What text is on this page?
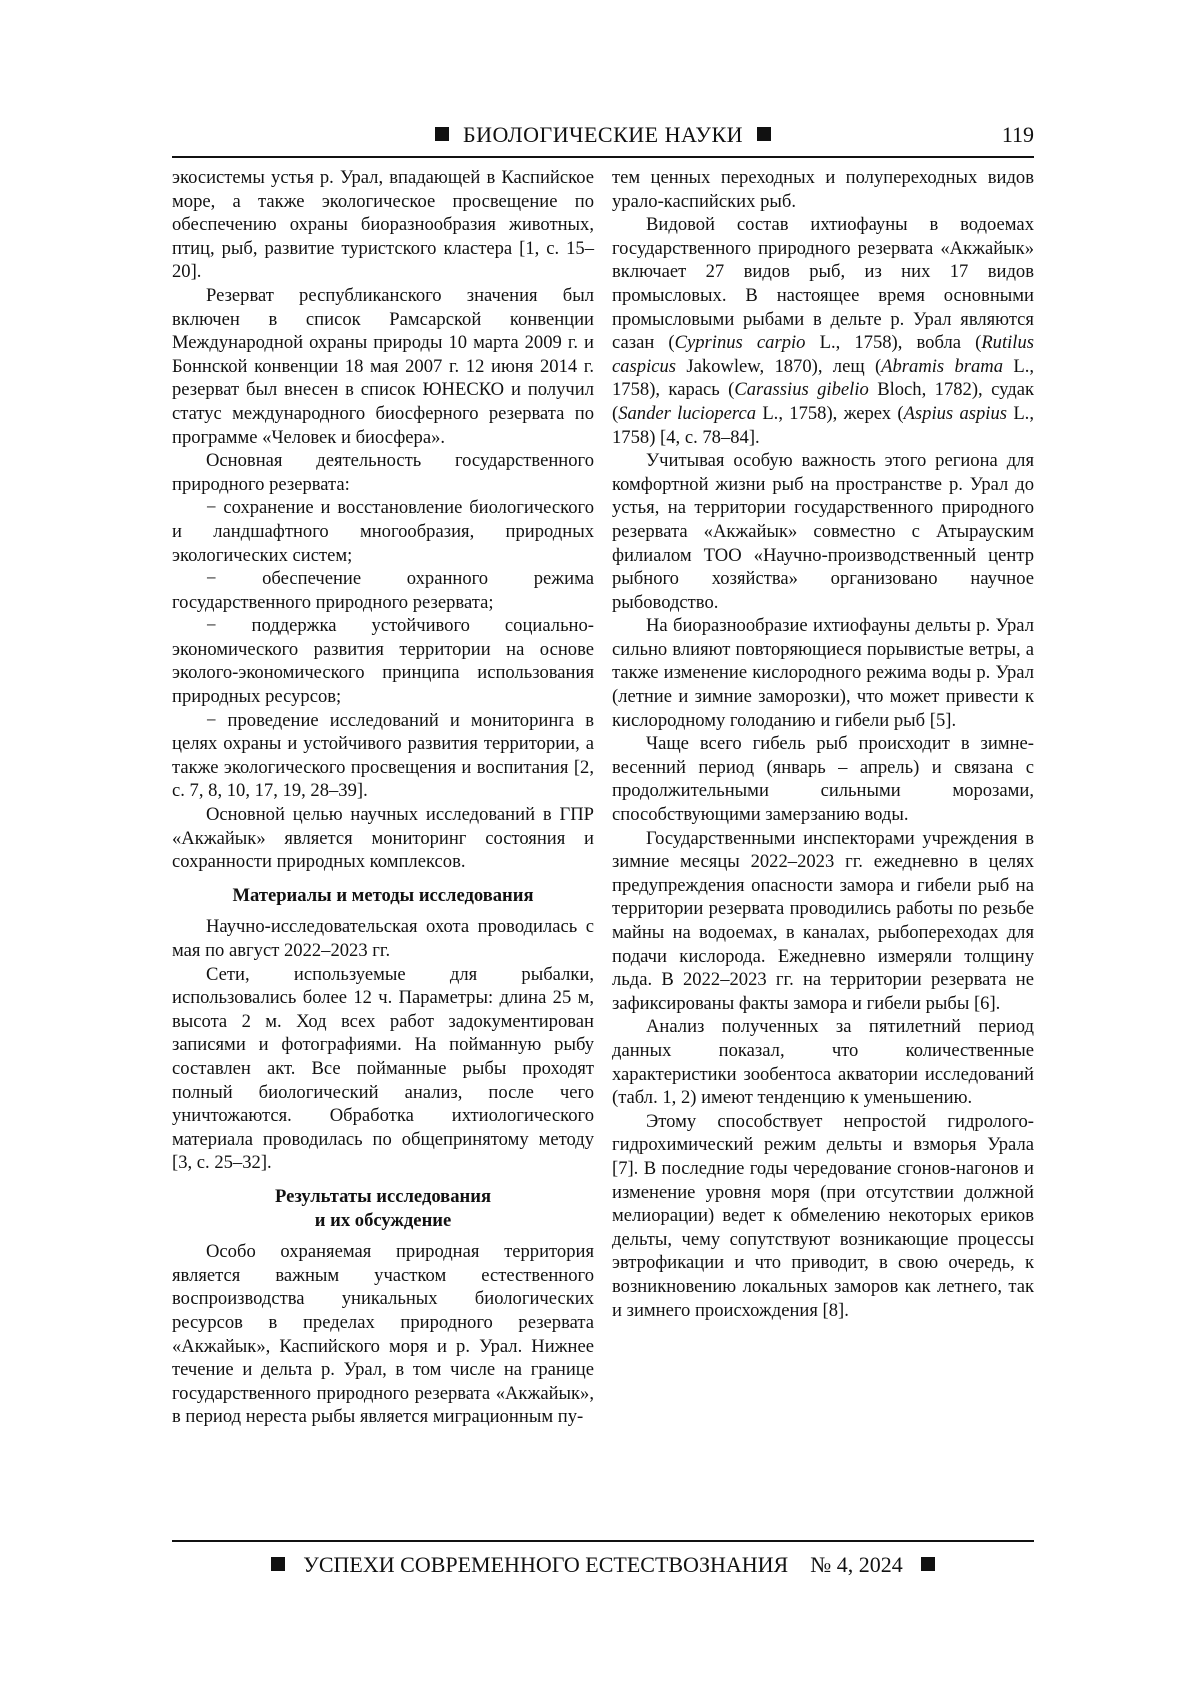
БИОЛОГИЧЕСКИЕ НАУКИ	119

экосистемы устья р. Урал, впадающей в Каспийское море, а также экологическое просвещение по обеспечению охраны биоразнообразия животных, птиц, рыб, развитие туристского кластера [1, с. 15–20].

Резерват республиканского значения был включен в список Рамсарской конвенции Международной охраны природы 10 марта 2009 г. и Боннской конвенции 18 мая 2007 г. 12 июня 2014 г. резерват был внесен в список ЮНЕСКО и получил статус международного биосферного резервата по программе «Человек и биосфера».

Основная деятельность государственного природного резервата:

− сохранение и восстановление биологического и ландшафтного многообразия, природных экологических систем;

− обеспечение охранного режима государственного природного резервата;

− поддержка устойчивого социально-экономического развития территории на основе эколого-экономического принципа использования природных ресурсов;

− проведение исследований и мониторинга в целях охраны и устойчивого развития территории, а также экологического просвещения и воспитания [2, с. 7, 8, 10, 17, 19, 28–39].

Основной целью научных исследований в ГПР «Акжайык» является мониторинг состояния и сохранности природных комплексов.

Материалы и методы исследования

Научно-исследовательская охота проводилась с мая по август 2022–2023 гг.

Сети, используемые для рыбалки, использовались более 12 ч. Параметры: длина 25 м, высота 2 м. Ход всех работ задокументирован записями и фотографиями. На пойманную рыбу составлен акт. Все пойманные рыбы проходят полный биологический анализ, после чего уничтожаются. Обработка ихтиологического материала проводилась по общепринятому методу [3, с. 25–32].

Результаты исследования
и их обсуждение

Особо охраняемая природная территория является важным участком естественного воспроизводства уникальных биологических ресурсов в пределах природного резервата «Акжайык», Каспийского моря и р. Урал. Нижнее течение и дельта р. Урал, в том числе на границе государственного природного резервата «Акжайык», в период нереста рыбы является миграционным пу-

тем ценных переходных и полупереходных видов урало-каспийских рыб.

Видовой состав ихтиофауны в водоемах государственного природного резервата «Акжайык» включает 27 видов рыб, из них 17 видов промысловых. В настоящее время основными промысловыми рыбами в дельте р. Урал являются сазан (Cyprinus carpio L., 1758), вобла (Rutilus caspicus Jakowlew, 1870), лещ (Abramis brama L., 1758), карась (Carassius gibelio Bloch, 1782), судак (Sander lucioperca L., 1758), жерех (Aspius aspius L., 1758) [4, с. 78–84].

Учитывая особую важность этого региона для комфортной жизни рыб на пространстве р. Урал до устья, на территории государственного природного резервата «Акжайык» совместно с Атырауским филиалом ТОО «Научно-производственный центр рыбного хозяйства» организовано научное рыбоводство.

На биоразнообразие ихтиофауны дельты р. Урал сильно влияют повторяющиеся порывистые ветры, а также изменение кислородного режима воды р. Урал (летние и зимние заморозки), что может привести к кислородному голоданию и гибели рыб [5].

Чаще всего гибель рыб происходит в зимне-весенний период (январь – апрель) и связана с продолжительными сильными морозами, способствующими замерзанию воды.

Государственными инспекторами учреждения в зимние месяцы 2022–2023 гг. ежедневно в целях предупреждения опасности замора и гибели рыб на территории резервата проводились работы по резьбе майны на водоемах, в каналах, рыбопереходах для подачи кислорода. Ежедневно измеряли толщину льда. В 2022–2023 гг. на территории резервата не зафиксированы факты замора и гибели рыбы [6].

Анализ полученных за пятилетний период данных показал, что количественные характеристики зообентоса акватории исследований (табл. 1, 2) имеют тенденцию к уменьшению.

Этому способствует непростой гидролого-гидрохимический режим дельты и взморья Урала [7]. В последние годы чередование сгонов-нагонов и изменение уровня моря (при отсутствии должной мелиорации) ведет к обмелению некоторых ериков дельты, чему сопутствуют возникающие процессы эвтрофикации и что приводит, в свою очередь, к возникновению локальных заморов как летнего, так и зимнего происхождения [8].

УСПЕХИ СОВРЕМЕННОГО ЕСТЕСТВОЗНАНИЯ № 4, 2024
